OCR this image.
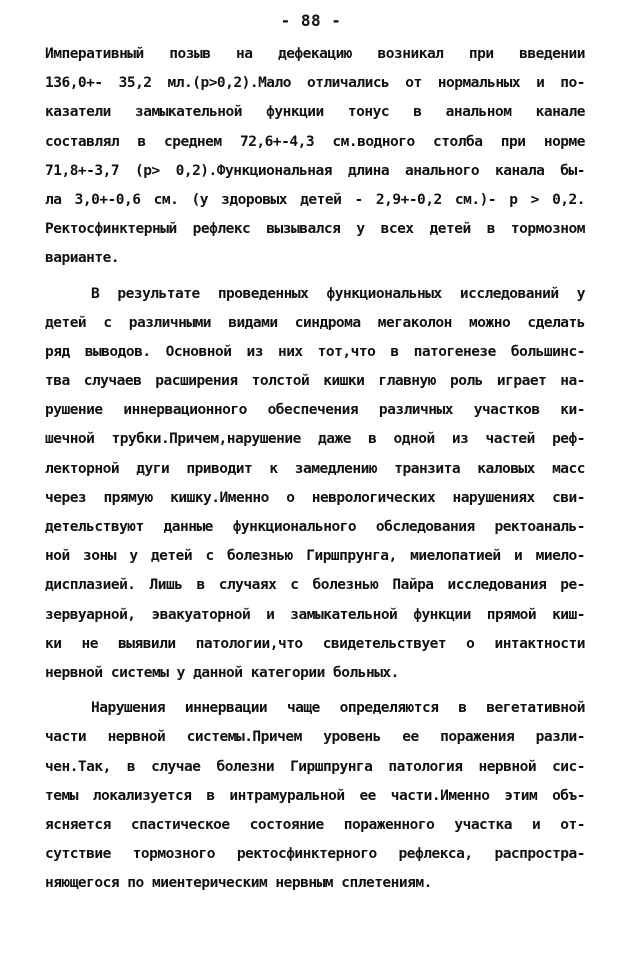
- 88 -
Императивный позыв на дефекацию возникал при введении
136,0+- 35,2 мл.(p>0,2).Мало отличались от нормальных и по-
казатели замыкательной функции тонус в анальном канале
составлял в среднем 72,6+-4,3 см.водного столба при норме
71,8+-3,7 (p> 0,2).Функциональная длина анального канала бы-
ла 3,0+-0,6 см. (у здоровых детей - 2,9+-0,2 см.)- p > 0,2.
Ректосфинктерный рефлекс вызывался у всех детей в тормозном
варианте.
В результате проведенных функциональных исследований у
детей с различными видами синдрома мегаколон можно сделать
ряд выводов. Основной из них тот,что в патогенезе большинс-
тва случаев расширения толстой кишки главную роль играет на-
рушение иннервационного обеспечения различных участков ки-
шечной трубки.Причем,нарушение даже в одной из частей реф-
лекторной дуги приводит к замедлению транзита каловых масс
через прямую кишку.Именно о неврологических нарушениях сви-
детельствуют данные функционального обследования ректоаналь-
ной зоны у детей с болезнью Гиршпрунга, миелопатией и миело-
дисплазией. Лишь в случаях с болезнью Пайра исследования ре-
зервуарной, эвакуаторной и замыкательной функции прямой киш-
ки не выявили патологии,что свидетельствует о интактности
нервной системы у данной категории больных.
Нарушения иннервации чаще определяются в вегетативной
части нервной системы.Причем уровень ее поражения разли-
чен.Так, в случае болезни Гиршпрунга патология нервной сис-
темы локализуется в интрамуральной ее части.Именно этим объ-
ясняется спастическое состояние пораженного участка и от-
сутствие тормозного ректосфинктерного рефлекса, распростра-
няющегося по миентерическим нервным сплетениям.
